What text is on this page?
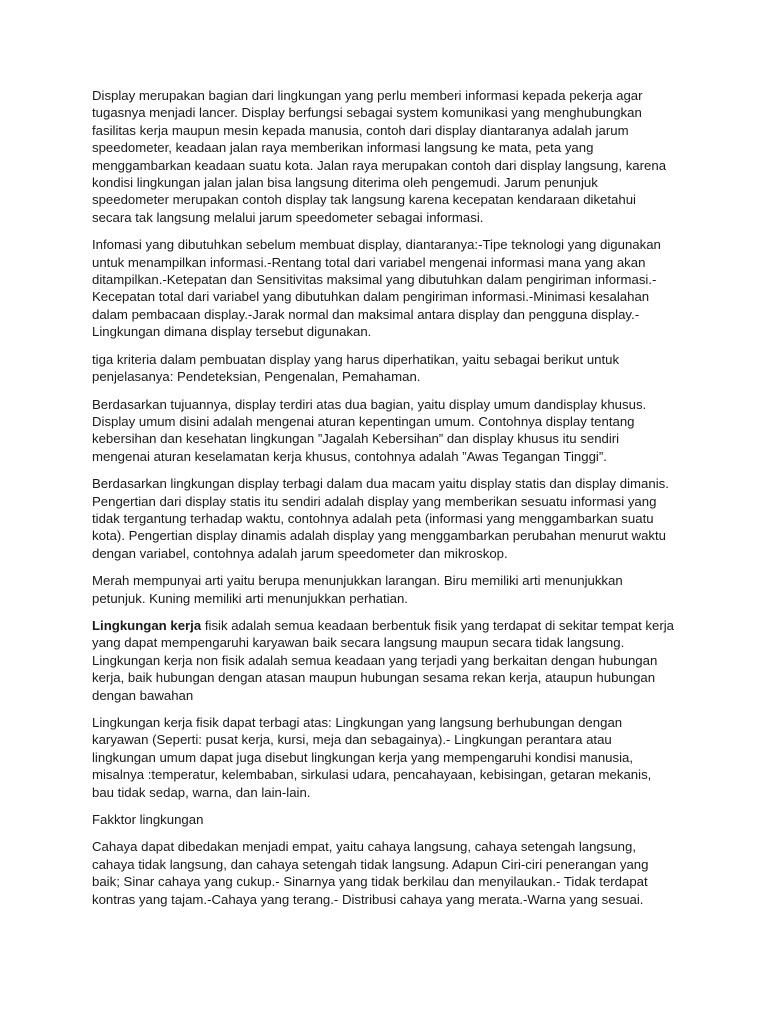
Display merupakan bagian dari lingkungan yang perlu memberi informasi kepada pekerja agar tugasnya menjadi lancer. Display berfungsi sebagai system komunikasi yang menghubungkan fasilitas kerja maupun mesin kepada manusia, contoh dari display diantaranya adalah jarum speedometer, keadaan jalan raya memberikan informasi langsung ke mata, peta yang menggambarkan keadaan suatu kota. Jalan raya merupakan contoh dari display langsung, karena kondisi lingkungan jalan jalan bisa langsung diterima oleh pengemudi. Jarum penunjuk speedometer merupakan contoh display tak langsung karena kecepatan kendaraan diketahui secara tak langsung melalui jarum speedometer sebagai informasi.

Infomasi yang dibutuhkan sebelum membuat display, diantaranya:-Tipe teknologi yang digunakan untuk menampilkan informasi.-Rentang total dari variabel mengenai informasi mana yang akan ditampilkan.-Ketepatan dan Sensitivitas maksimal yang dibutuhkan dalam pengiriman informasi.-Kecepatan total dari variabel yang dibutuhkan dalam pengiriman informasi.-Minimasi kesalahan dalam pembacaan display.-Jarak normal dan maksimal antara display dan pengguna display.-Lingkungan dimana display tersebut digunakan.

tiga kriteria dalam pembuatan display yang harus diperhatikan, yaitu sebagai berikut untuk penjelasanya: Pendeteksian, Pengenalan, Pemahaman.

Berdasarkan tujuannya, display terdiri atas dua bagian, yaitu display umum dandisplay khusus. Display umum disini adalah mengenai aturan kepentingan umum. Contohnya display tentang kebersihan dan kesehatan lingkungan ”Jagalah Kebersihan” dan display khusus itu sendiri mengenai aturan keselamatan kerja khusus, contohnya adalah ”Awas Tegangan Tinggi”.

Berdasarkan lingkungan display terbagi dalam dua macam yaitu display statis dan display dimanis. Pengertian dari display statis itu sendiri adalah display yang memberikan sesuatu informasi yang tidak tergantung terhadap waktu, contohnya adalah peta (informasi yang menggambarkan suatu kota). Pengertian display dinamis adalah display yang menggambarkan perubahan menurut waktu dengan variabel, contohnya adalah jarum speedometer dan mikroskop.

Merah mempunyai arti yaitu berupa menunjukkan larangan. Biru memiliki arti menunjukkan petunjuk. Kuning memiliki arti menunjukkan perhatian.

Lingkungan kerja fisik adalah semua keadaan berbentuk fisik yang terdapat di sekitar tempat kerja yang dapat mempengaruhi karyawan baik secara langsung maupun secara tidak langsung. Lingkungan kerja non fisik adalah semua keadaan yang terjadi yang berkaitan dengan hubungan kerja, baik hubungan dengan atasan maupun hubungan sesama rekan kerja, ataupun hubungan dengan bawahan

Lingkungan kerja fisik dapat terbagi atas: Lingkungan yang langsung berhubungan dengan karyawan (Seperti: pusat kerja, kursi, meja dan sebagainya).- Lingkungan perantara atau lingkungan umum dapat juga disebut lingkungan kerja yang mempengaruhi kondisi manusia, misalnya :temperatur, kelembaban, sirkulasi udara, pencahayaan, kebisingan, getaran mekanis, bau tidak sedap, warna, dan lain-lain.

Fakktor lingkungan

Cahaya dapat dibedakan menjadi empat, yaitu cahaya langsung, cahaya setengah langsung, cahaya tidak langsung, dan cahaya setengah tidak langsung. Adapun Ciri-ciri penerangan yang baik; Sinar cahaya yang cukup.- Sinarnya yang tidak berkilau dan menyilaukan.- Tidak terdapat kontras yang tajam.-Cahaya yang terang.- Distribusi cahaya yang merata.-Warna yang sesuai.
